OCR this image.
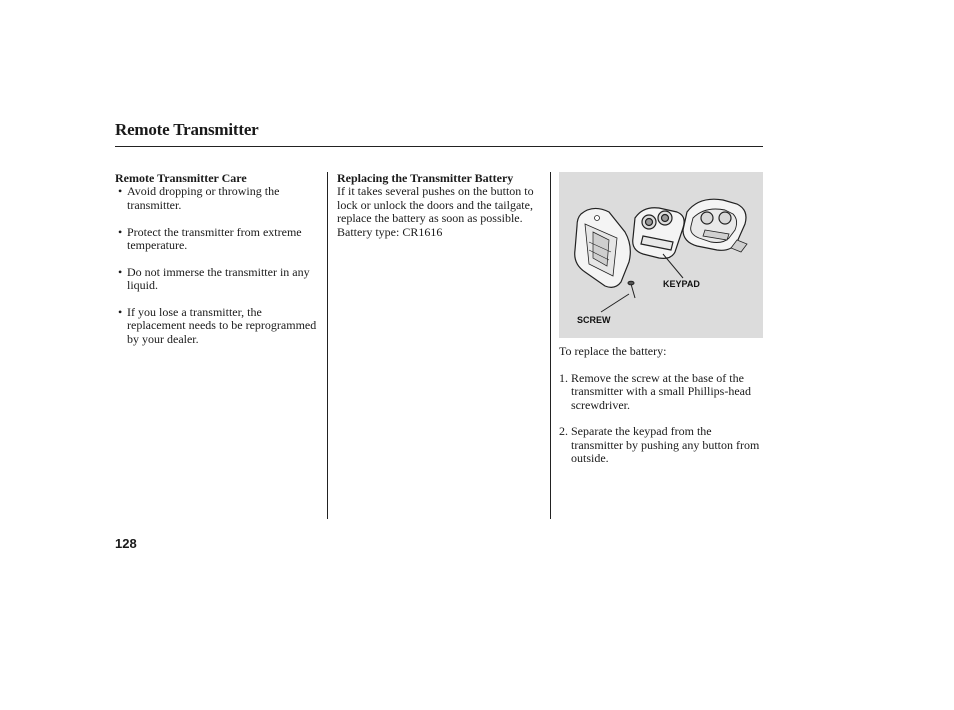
Remote Transmitter

Remote Transmitter Care

• Avoid dropping or throwing the transmitter.
• Protect the transmitter from extreme temperature.
• Do not immerse the transmitter in any liquid.
• If you lose a transmitter, the replacement needs to be reprogrammed by your dealer.

Replacing the Transmitter Battery

If it takes several pushes on the button to lock or unlock the doors and the tailgate, replace the battery as soon as possible.

Battery type: CR1616

KEYPAD
SCREW

To replace the battery:

1. Remove the screw at the base of the transmitter with a small Phillips-head screwdriver.
2. Separate the keypad from the transmitter by pushing any button from outside.
128
